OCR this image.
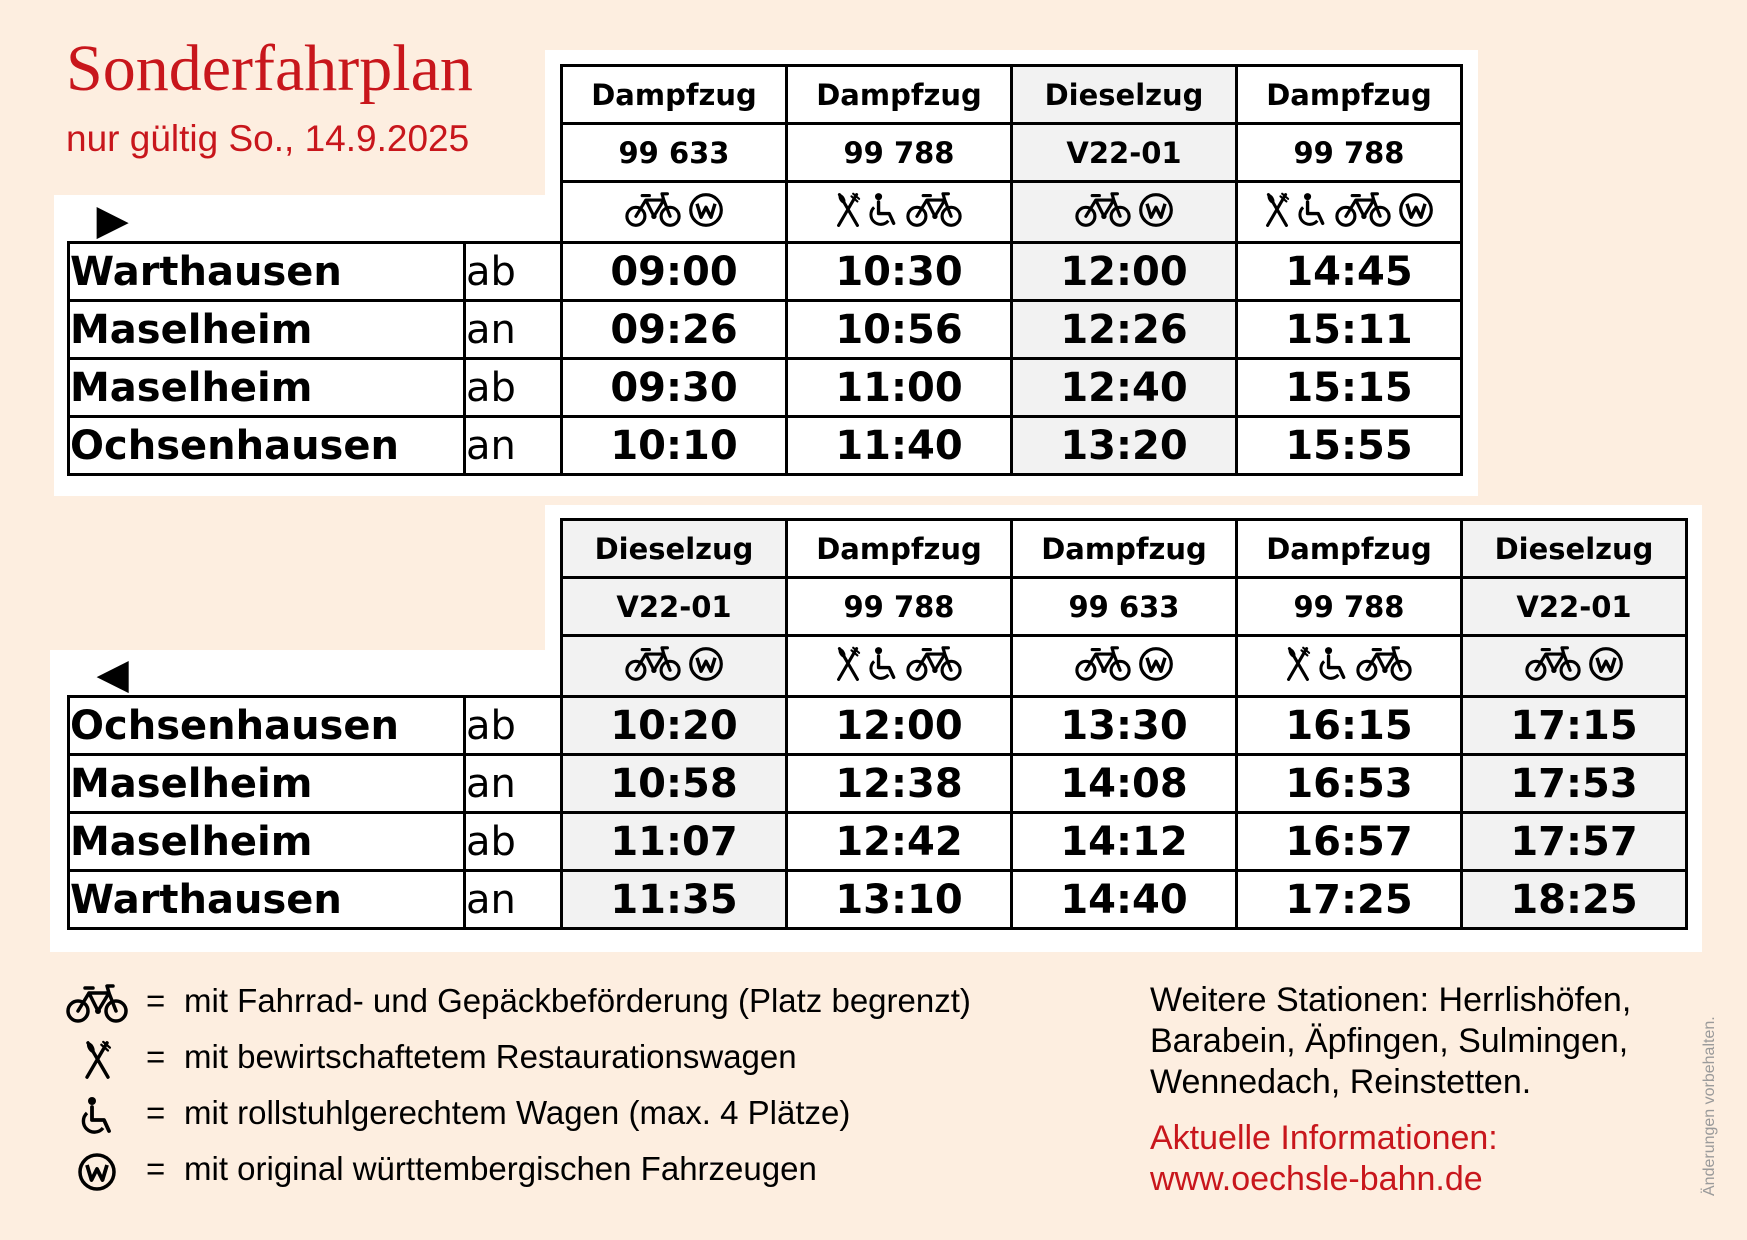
Sonderfahrplan
nur gültig So., 14.9.2025
		Dampfzug	Dampfzug	Dieselzug	Dampfzug
		99 633	99 788	V22-01	99 788
▶	

Warthausen	ab	09:00	10:30	12:00	14:45
Maselheim	an	09:26	10:56	12:26	15:11
Maselheim	ab	09:30	11:00	12:40	15:15
Ochsenhausen	an	10:10	11:40	13:20	15:55
		Dieselzug	Dampfzug	Dampfzug	Dampfzug	Dieselzug
		V22-01	99 788	99 633	99 788	V22-01
◀	

Ochsenhausen	ab	10:20	12:00	13:30	16:15	17:15
Maselheim	an	10:58	12:38	14:08	16:53	17:53
Maselheim	ab	11:07	12:42	14:12	16:57	17:57
Warthausen	an	11:35	13:10	14:40	17:25	18:25
= mit Fahrrad- und Gepäckbeförderung (Platz begrenzt)
= mit bewirtschaftetem Restaurationswagen
= mit rollstuhlgerechtem Wagen (max. 4 Plätze)
= mit original württembergischen Fahrzeugen
Weitere Stationen: Herrlishöfen,
Barabein, Äpfingen, Sulmingen,
Wennedach, Reinstetten.
Aktuelle Informationen:
www.oechsle-bahn.de	Änderungen vorbehalten.
